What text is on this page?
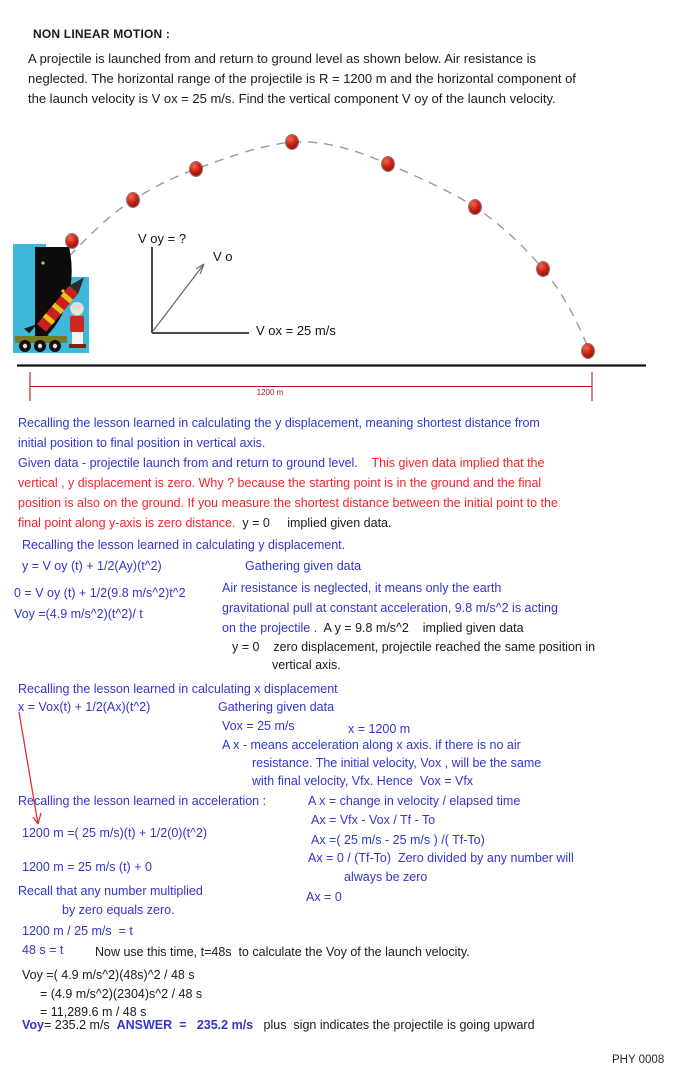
NON LINEAR MOTION :
A projectile is launched from and return to ground level as shown below. Air resistance is
neglected. The horizontal range of the projectile is R = 1200 m and the horizontal component of
the launch velocity is V ox = 25 m/s. Find the vertical component V oy of the launch velocity.
V oy = ?
V o
V ox = 25 m/s
1200 m
Recalling the lesson learned in calculating the y displacement, meaning shortest distance from
initial position to final position in vertical axis.
Given data - projectile launch from and return to ground level.    This given data implied that the
vertical , y displacement is zero. Why ? because the starting point is in the ground and the final
position is also on the ground. If you measure the shortest distance between the initial point to the
final point along y-axis is zero distance.  y = 0     implied given data.
Recalling the lesson learned in calculating y displacement.
y = V oy (t) + 1/2(Ay)(t^2)	Gathering given data
Air resistance is neglected, it means only the earth
0 = V oy (t) + 1/2(9.8 m/s^2)t^2
gravitational pull at constant acceleration, 9.8 m/s^2 is acting
Voy =(4.9 m/s^2)(t^2)/ t
on the projectile .  A y = 9.8 m/s^2    implied given data
y = 0    zero displacement, projectile reached the same position in
vertical axis.
Recalling the lesson learned in calculating x displacement
x = Vox(t) + 1/2(Ax)(t^2)	Gathering given data
Vox = 25 m/s	x = 1200 m
A x - means acceleration along x axis. if there is no air
resistance. The initial velocity, Vox , will be the same
with final velocity, Vfx. Hence  Vox = Vfx
Recalling the lesson learned in acceleration :	A x = change in velocity / elapsed time
Ax = Vfx - Vox / Tf - To
1200 m =( 25 m/s)(t) + 1/2(0)(t^2)	Ax =( 25 m/s - 25 m/s ) /( Tf-To)
Ax = 0 / (Tf-To)  Zero divided by any number will
1200 m = 25 m/s (t) + 0
always be zero
Recall that any number multiplied	Ax = 0
by zero equals zero.
1200 m / 25 m/s  = t
48 s = t	Now use this time, t=48s  to calculate the Voy of the launch velocity.
Voy =( 4.9 m/s^2)(48s)^2 / 48 s
= (4.9 m/s^2)(2304)s^2 / 48 s
= 11,289.6 m / 48 s
Voy= 235.2 m/s  ANSWER  =   235.2 m/s   plus  sign indicates the projectile is going upward
PHY 0008
